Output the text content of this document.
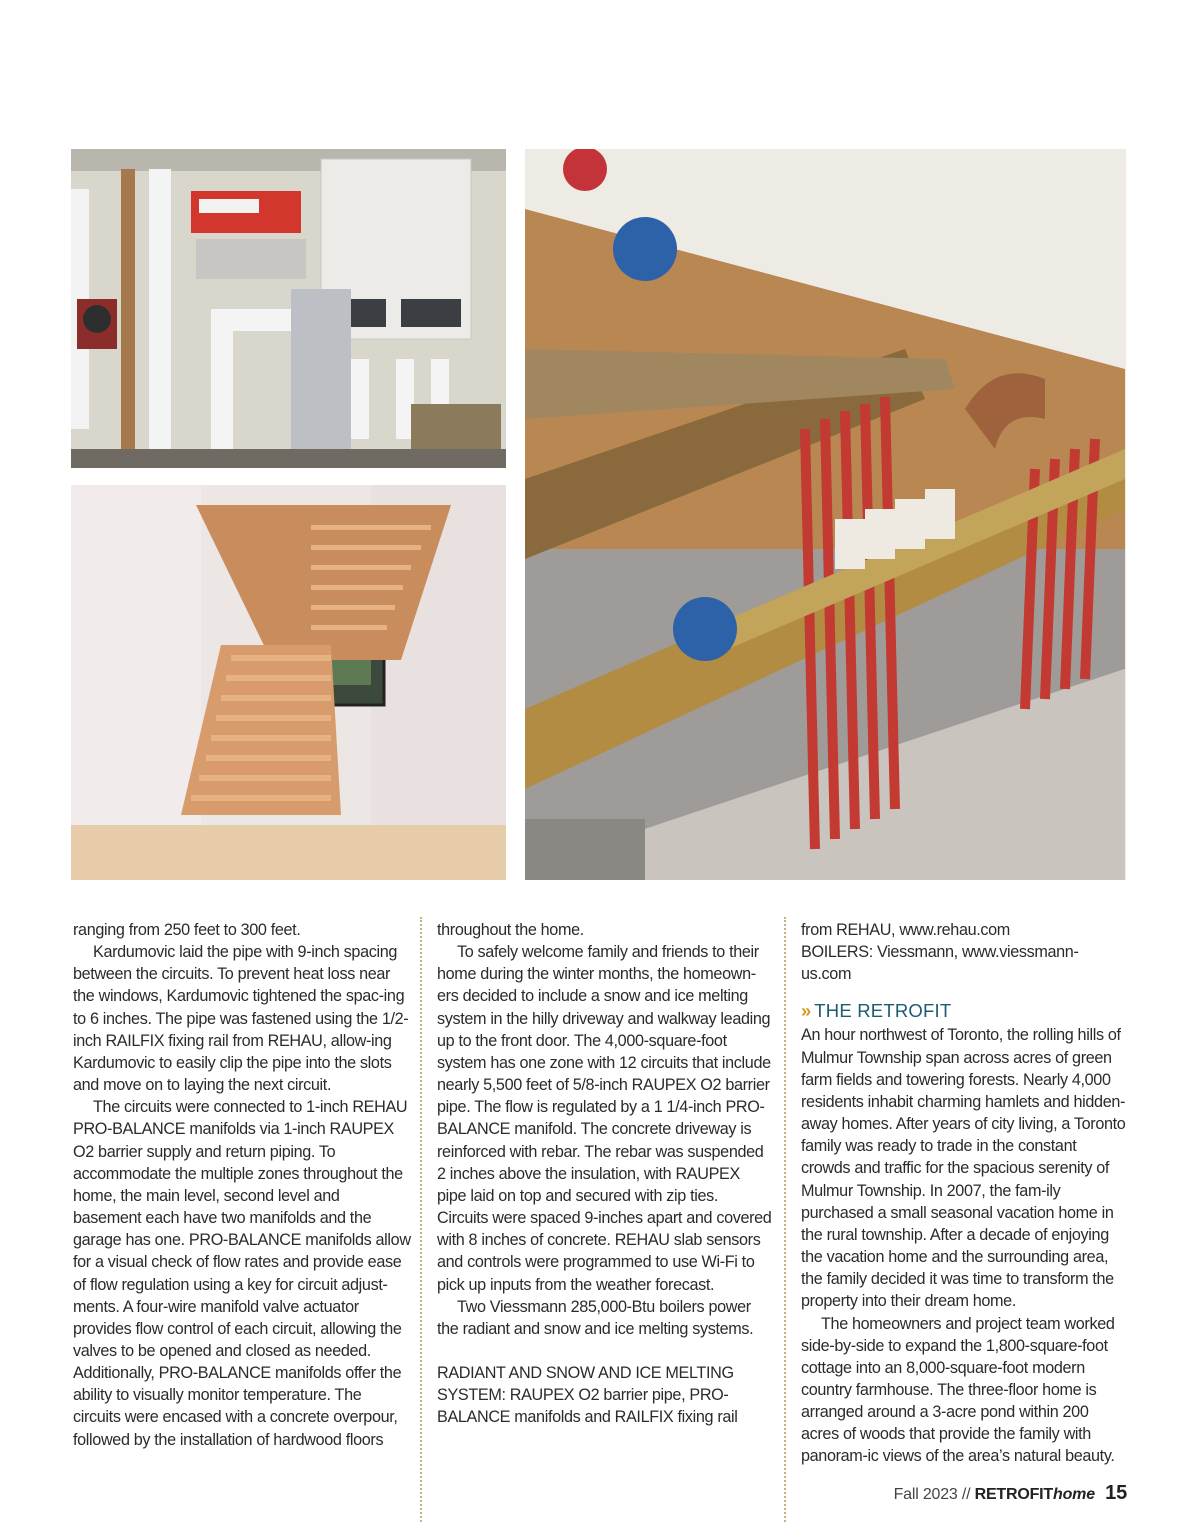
ranging from 250 feet to 300 feet.

Kardumovic laid the pipe with 9-inch spacing between the circuits. To prevent heat loss near the windows, Kardumovic tightened the spac-ing to 6 inches. The pipe was fastened using the 1/2-inch RAILFIX fixing rail from REHAU, allow-ing Kardumovic to easily clip the pipe into the slots and move on to laying the next circuit.

The circuits were connected to 1-inch REHAU PRO-BALANCE manifolds via 1-inch RAUPEX O2 barrier supply and return piping. To accommodate the multiple zones throughout the home, the main level, second level and basement each have two manifolds and the garage has one. PRO-BALANCE manifolds allow for a visual check of flow rates and provide ease of flow regulation using a key for circuit adjust-ments. A four-wire manifold valve actuator provides flow control of each circuit, allowing the valves to be opened and closed as needed. Additionally, PRO-BALANCE manifolds offer the ability to visually monitor temperature. The circuits were encased with a concrete overpour, followed by the installation of hardwood floors

throughout the home.

To safely welcome family and friends to their home during the winter months, the homeown-ers decided to include a snow and ice melting system in the hilly driveway and walkway leading up to the front door. The 4,000-square-foot system has one zone with 12 circuits that include nearly 5,500 feet of 5/8-inch RAUPEX O2 barrier pipe. The flow is regulated by a 1 1/4-inch PRO-BALANCE manifold. The concrete driveway is reinforced with rebar. The rebar was suspended 2 inches above the insulation, with RAUPEX pipe laid on top and secured with zip ties. Circuits were spaced 9-inches apart and covered with 8 inches of concrete. REHAU slab sensors and controls were programmed to use Wi-Fi to pick up inputs from the weather forecast.

Two Viessmann 285,000-Btu boilers power the radiant and snow and ice melting systems.

RADIANT AND SNOW AND ICE MELTING SYSTEM: RAUPEX O2 barrier pipe, PRO-BALANCE manifolds and RAILFIX fixing rail

from REHAU, www.rehau.com

BOILERS: Viessmann, www.viessmann-us.com

» THE RETROFIT

An hour northwest of Toronto, the rolling hills of Mulmur Township span across acres of green farm fields and towering forests. Nearly 4,000 residents inhabit charming hamlets and hidden-away homes. After years of city living, a Toronto family was ready to trade in the constant crowds and traffic for the spacious serenity of Mulmur Township. In 2007, the fam-ily purchased a small seasonal vacation home in the rural township. After a decade of enjoying the vacation home and the surrounding area, the family decided it was time to transform the property into their dream home.

The homeowners and project team worked side-by-side to expand the 1,800-square-foot cottage into an 8,000-square-foot modern country farmhouse. The three-floor home is arranged around a 3-acre pond within 200 acres of woods that provide the family with panoram-ic views of the area’s natural beauty.

Fall 2023 // RETROFIThome 15
